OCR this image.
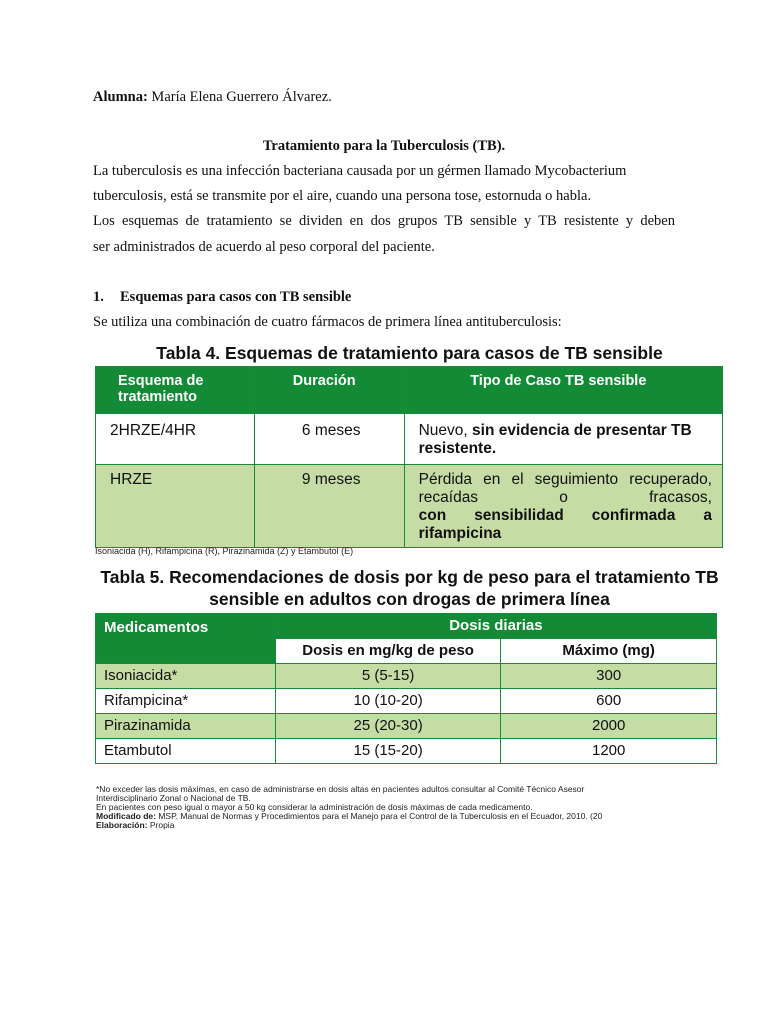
Alumna: María Elena Guerrero Álvarez.
Tratamiento para la Tuberculosis (TB).
La tuberculosis es una infección bacteriana causada por un gérmen llamado Mycobacterium
tuberculosis, está se transmite por el aire, cuando una persona tose, estornuda o habla.
Los esquemas de tratamiento se dividen en dos grupos TB sensible y TB resistente y deben
ser administrados de acuerdo al peso corporal del paciente.
1. Esquemas para casos con TB sensible
Se utiliza una combinación de cuatro fármacos de primera línea antituberculosis:
Tabla 4. Esquemas de tratamiento para casos de TB sensible
Esquema de tratamiento	Duración	Tipo de Caso TB sensible
2HRZE/4HR	6 meses	Nuevo, sin evidencia de presentar TB resistente.
HRZE	9 meses	Pérdida en el seguimiento recuperado, recaídas o fracasos,
con sensibilidad confirmada a rifampicina
Isoniacida (H), Rifampicina (R), Pirazinamida (Z) y Etambutol (E)
Tabla 5. Recomendaciones de dosis por kg de peso para el tratamiento TB
sensible en adultos con drogas de primera línea
Medicamentos	Dosis diarias	
	Dosis en mg/kg de peso	Máximo (mg)
Isoniacida*	5 (5-15)	300
Rifampicina*	10 (10-20)	600
Pirazinamida	25 (20-30)	2000
Etambutol	15 (15-20)	1200
*No exceder las dosis máximas, en caso de administrarse en dosis altas en pacientes adultos consultar al Comité Técnico Asesor
Interdisciplinario Zonal o Nacional de TB.
En pacientes con peso igual o mayor a 50 kg considerar la administración de dosis máximas de cada medicamento.
Modificado de: MSP. Manual de Normas y Procedimientos para el Manejo para el Control de la Tuberculosis en el Ecuador, 2010. (20
Elaboración: Propia
